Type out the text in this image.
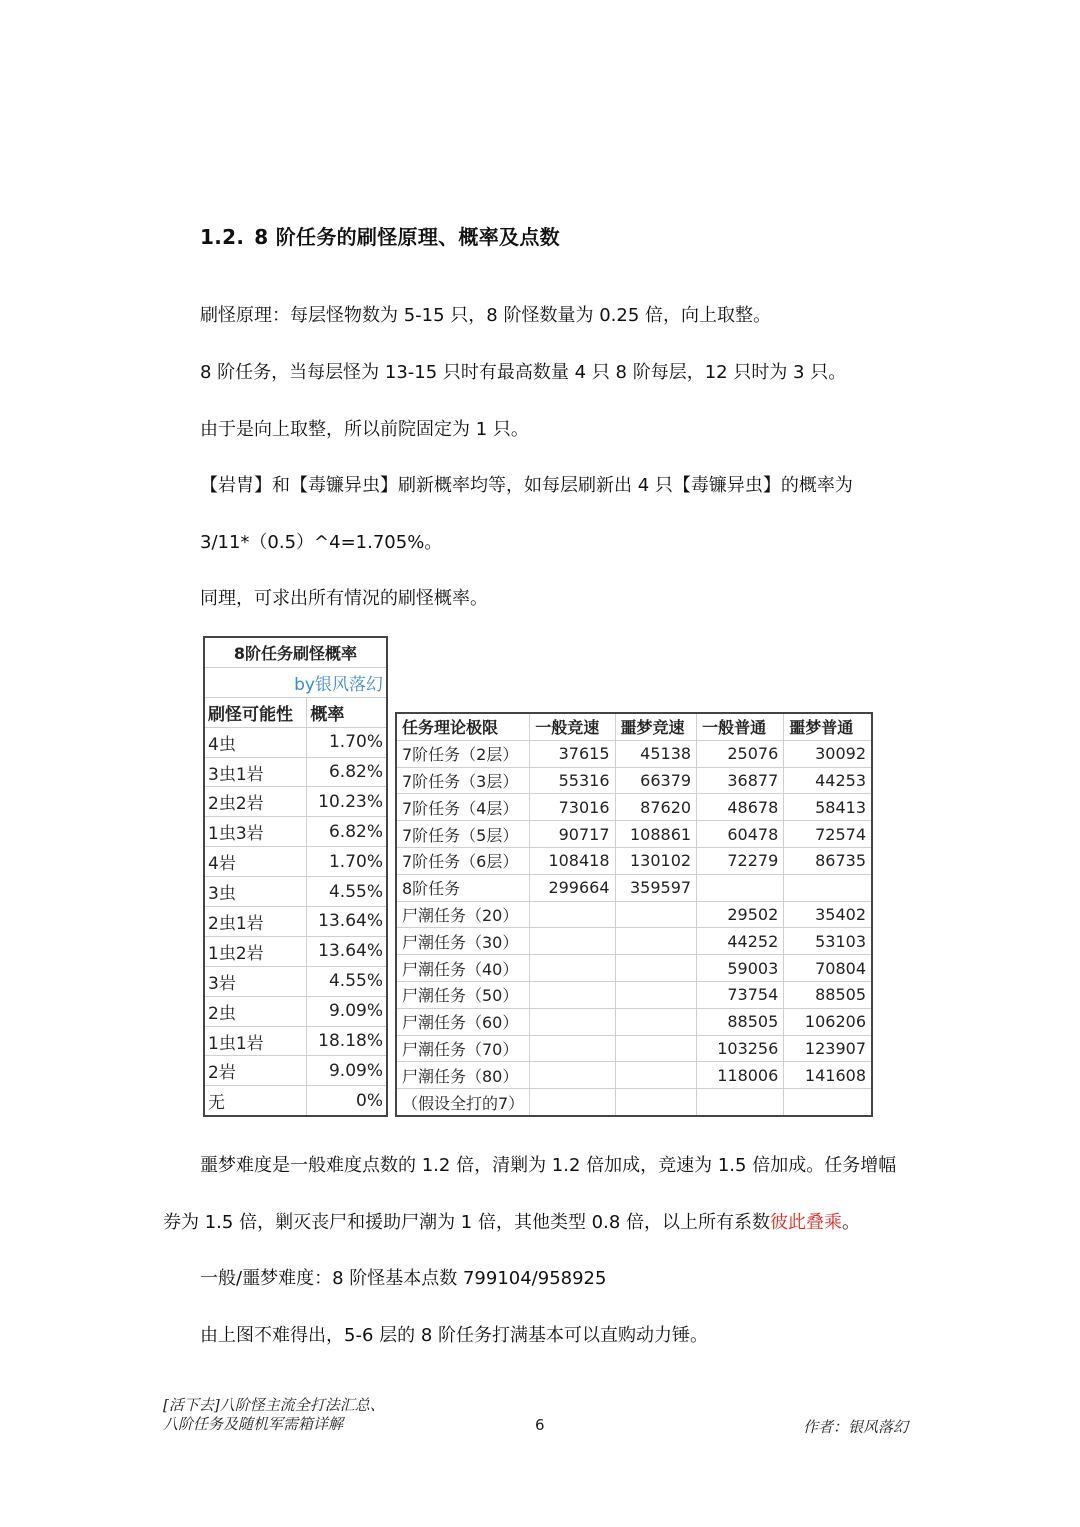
1.2. 8 阶任务的刷怪原理、概率及点数
刷怪原理：每层怪物数为 5-15 只，8 阶怪数量为 0.25 倍，向上取整。
8 阶任务，当每层怪为 13-15 只时有最高数量 4 只 8 阶每层，12 只时为 3 只。
由于是向上取整，所以前院固定为 1 只。
【岩胄】和【毒镰异虫】刷新概率均等，如每层刷新出 4 只【毒镰异虫】的概率为
3/11*（0.5）^4=1.705%。
同理，可求出所有情况的刷怪概率。
8阶任务刷怪概率	
by银风落幻	
刷怪可能性	概率
4虫	1.70%
3虫1岩	6.82%
2虫2岩	10.23%
1虫3岩	6.82%
4岩	1.70%
3虫	4.55%
2虫1岩	13.64%
1虫2岩	13.64%
3岩	4.55%
2虫	9.09%
1虫1岩	18.18%
2岩	9.09%
无	0%
任务理论极限	一般竞速	噩梦竞速	一般普通	噩梦普通
7阶任务（2层）	37615	45138	25076	30092
7阶任务（3层）	55316	66379	36877	44253
7阶任务（4层）	73016	87620	48678	58413
7阶任务（5层）	90717	108861	60478	72574
7阶任务（6层）	108418	130102	72279	86735
8阶任务	299664	359597		
尸潮任务（20）			29502	35402
尸潮任务（30）			44252	53103
尸潮任务（40）			59003	70804
尸潮任务（50）			73754	88505
尸潮任务（60）			88505	106206
尸潮任务（70）			103256	123907
尸潮任务（80）			118006	141608
（假设全打的7）				
噩梦难度是一般难度点数的 1.2 倍，清剿为 1.2 倍加成，竞速为 1.5 倍加成。任务增幅
券为 1.5 倍，剿灭丧尸和援助尸潮为 1 倍，其他类型 0.8 倍，以上所有系数彼此叠乘。
一般/噩梦难度：8 阶怪基本点数 799104/958925
由上图不难得出，5-6 层的 8 阶任务打满基本可以直购动力锤。
[活下去]八阶怪主流全打法汇总、
八阶任务及随机军需箱详解	6	作者：银风落幻
